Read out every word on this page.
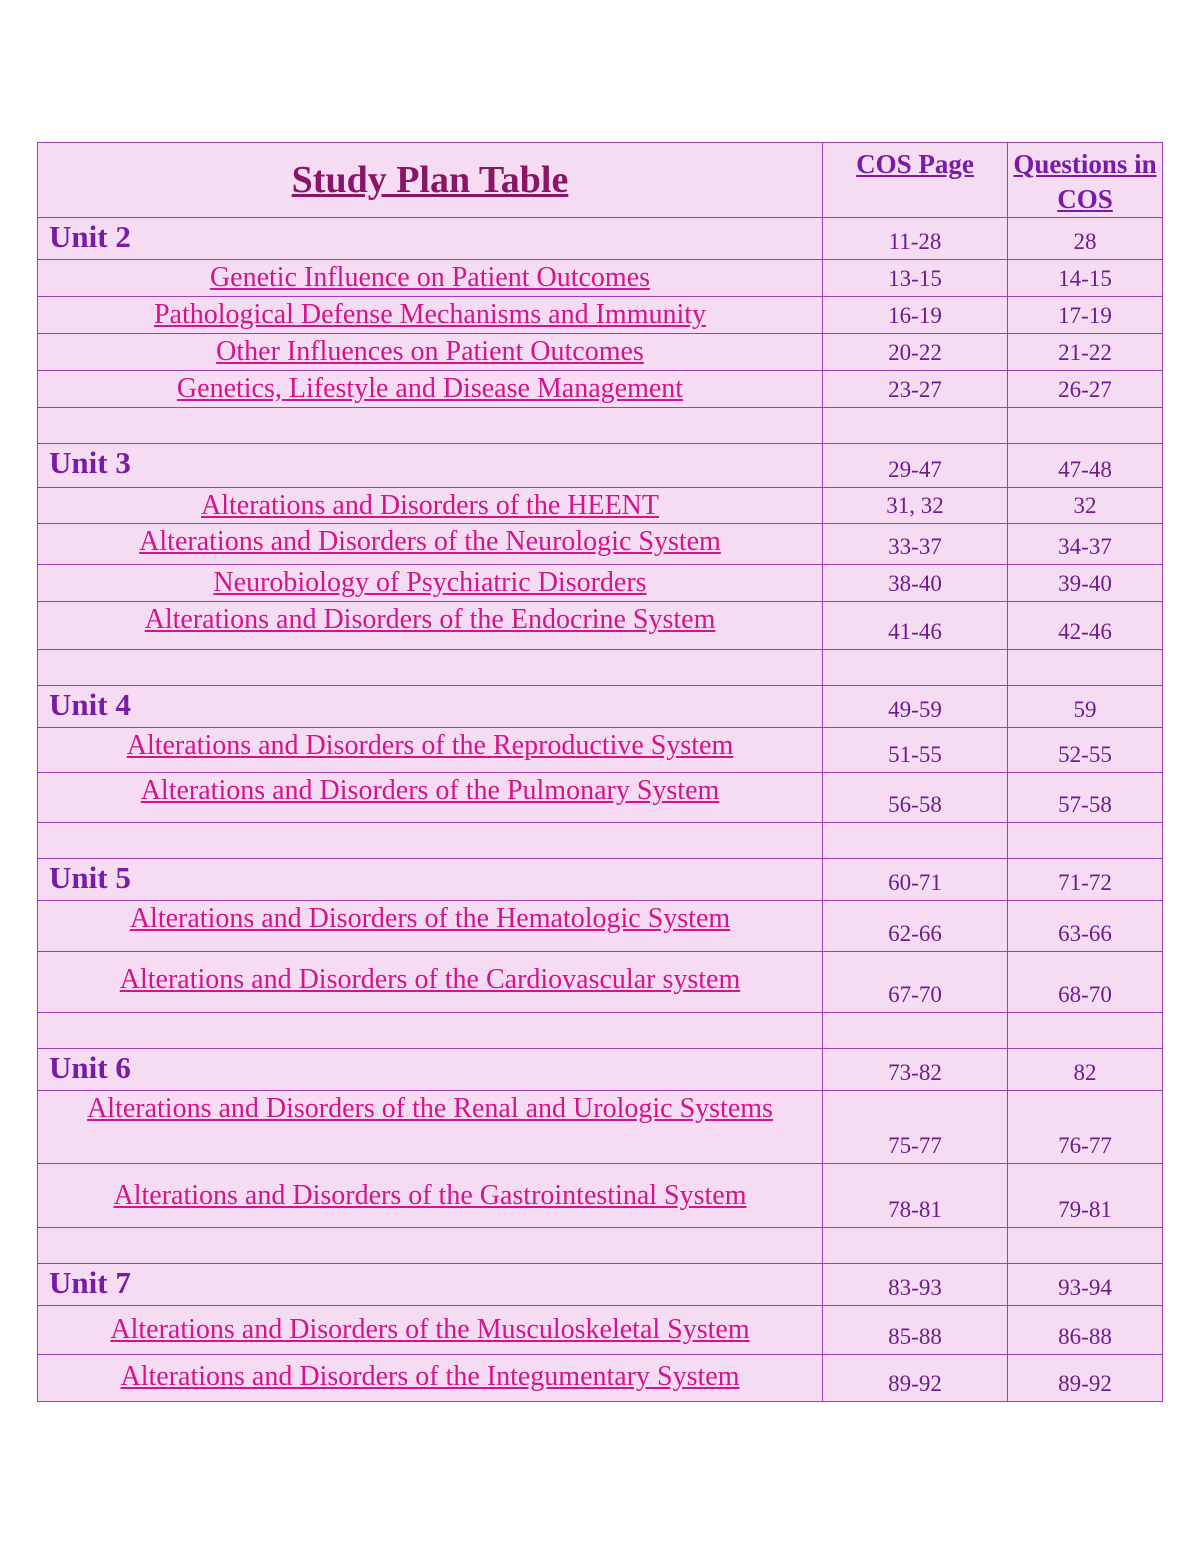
Study Plan Table	COS Page	Questions in COS
Unit 2	11-28	28
Genetic Influence on Patient Outcomes	13-15	14-15
Pathological Defense Mechanisms and Immunity	16-19	17-19
Other Influences on Patient Outcomes	20-22	21-22
Genetics, Lifestyle and Disease Management	23-27	26-27

Unit 3	29-47	47-48
Alterations and Disorders of the HEENT	31, 32	32
Alterations and Disorders of the Neurologic System	33-37	34-37
Neurobiology of Psychiatric Disorders	38-40	39-40
Alterations and Disorders of the Endocrine System	41-46	42-46

Unit 4	49-59	59
Alterations and Disorders of the Reproductive System	51-55	52-55
Alterations and Disorders of the Pulmonary System	56-58	57-58

Unit 5	60-71	71-72
Alterations and Disorders of the Hematologic System	62-66	63-66
Alterations and Disorders of the Cardiovascular system	67-70	68-70

Unit 6	73-82	82

Alterations and Disorders of the Renal and Urologic Systems	75-77	76-77
Alterations and Disorders of the Gastrointestinal System	78-81	79-81

Unit 7	83-93	93-94
Alterations and Disorders of the Musculoskeletal System	85-88	86-88
Alterations and Disorders of the Integumentary System	89-92	89-92
